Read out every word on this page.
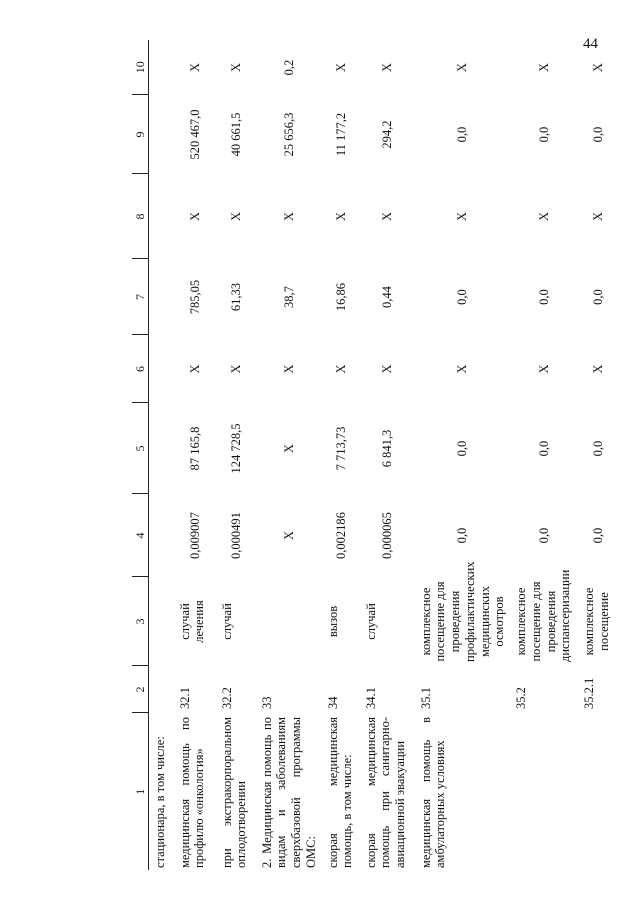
44
1	2	3	4	5	6	7	8	9	10
стационара, в том числе:									
медицинская помощь по профилю «онкология»	32.1	случай лечения	0,009007	87 165,8	X	785,05	X	520 467,0	X
при экстракорпоральном оплодотворении	32.2	случай	0,000491	124 728,5	X	61,33	X	40 661,5	X
2. Медицинская помощь по видам и заболеваниям сверхбазовой программы ОМС:	33		X	X	X	38,7	X	25 656,3	0,2
скорая медицинская помощь, в том числе:	34	вызов	0,002186	7 713,73	X	16,86	X	11 177,2	X
скорая медицинская помощь при санитарно-авиационной эвакуации	34.1	случай	0,000065	6 841,3	X	0,44	X	294,2	X
медицинская помощь в амбулаторных условиях	35.1	комплексное посещение для проведения профилактических медицинских осмотров	0,0	0,0	X	0,0	X	0,0	X
	35.2	комплексное посещение для проведения диспансеризации	0,0	0,0	X	0,0	X	0,0	X
	35.2.1	комплексное посещение	0,0	0,0	X	0,0	X	0,0	X
